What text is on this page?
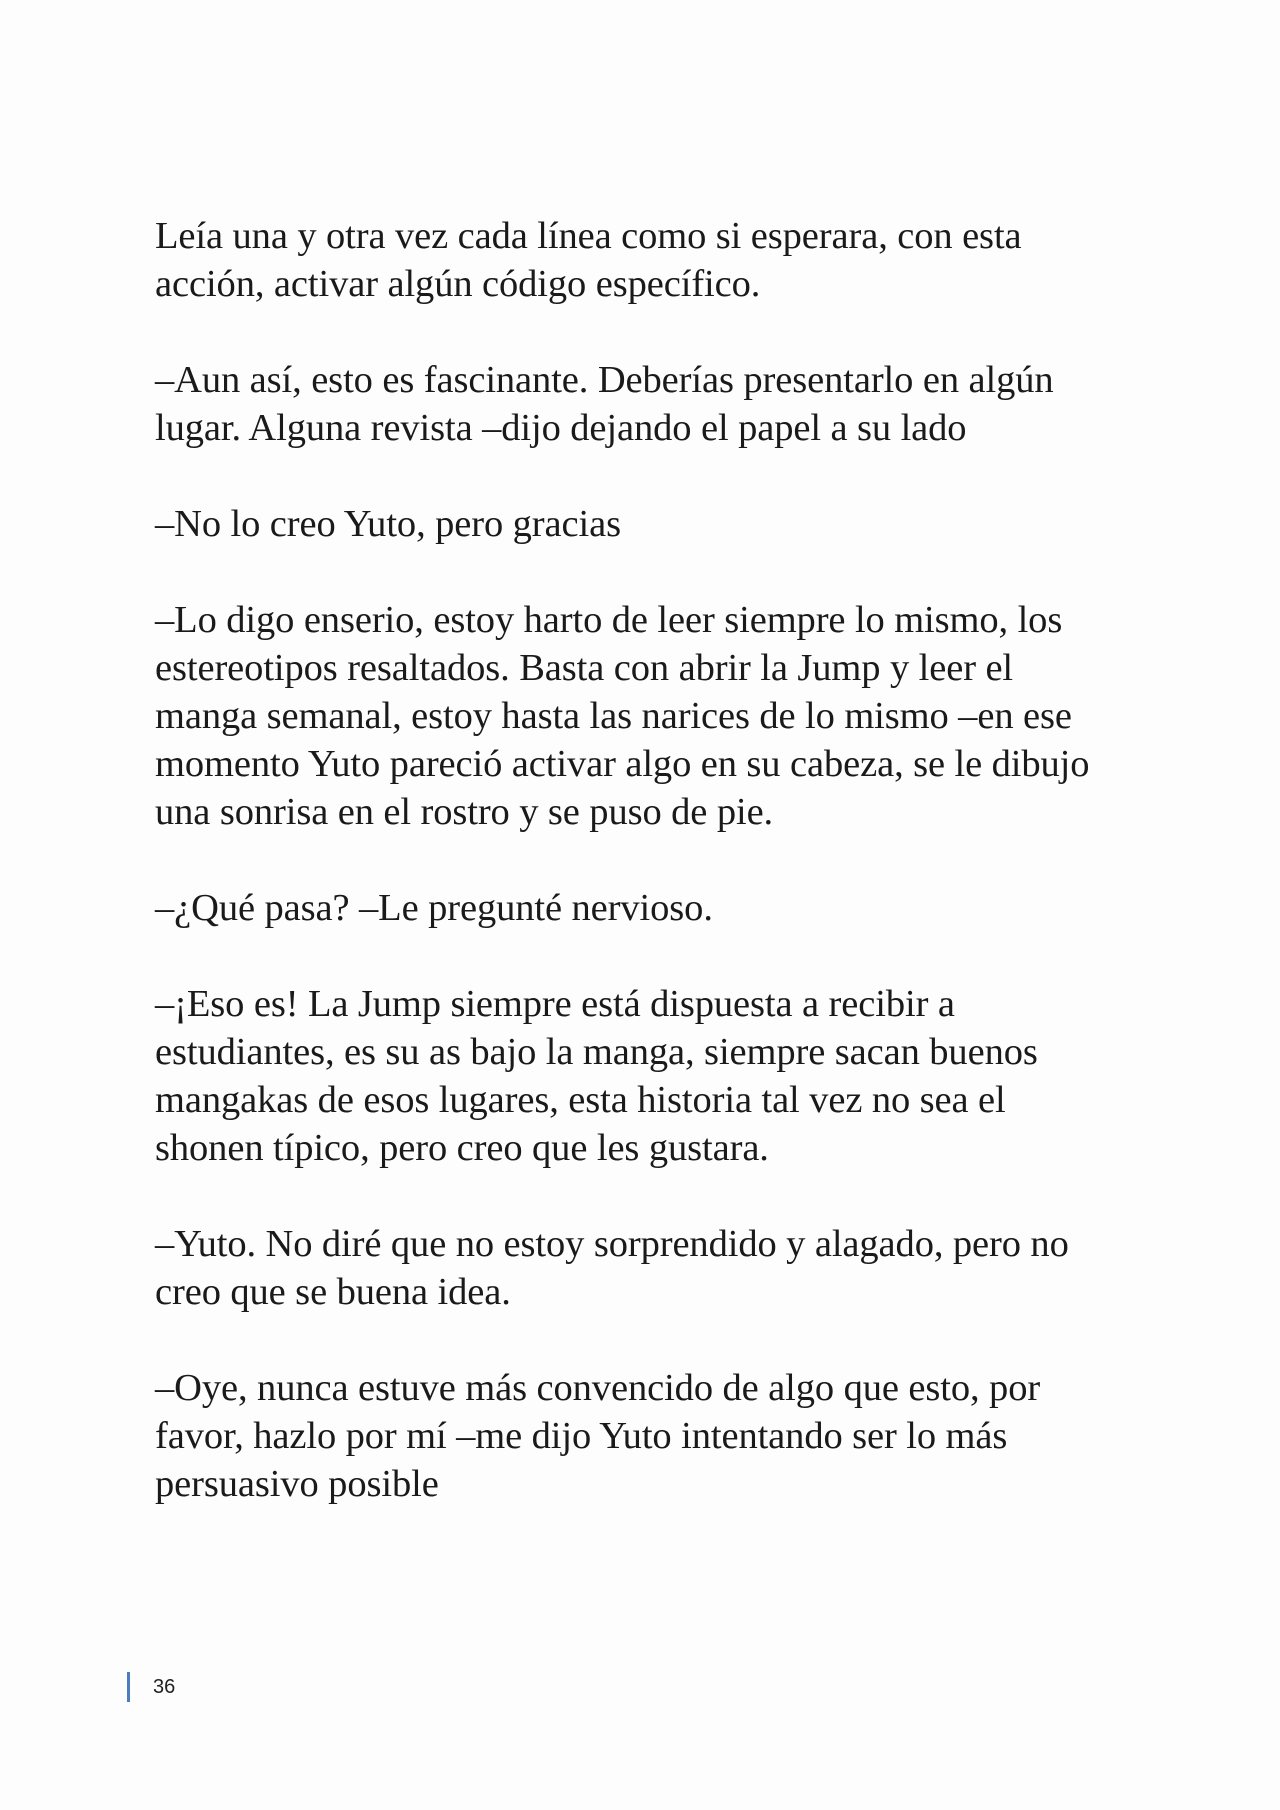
Leía una y otra vez cada línea como si esperara, con esta
acción, activar algún código específico.

–Aun así, esto es fascinante. Deberías presentarlo en algún
lugar. Alguna revista –dijo dejando el papel a su lado

–No lo creo Yuto, pero gracias

–Lo digo enserio, estoy harto de leer siempre lo mismo, los
estereotipos resaltados. Basta con abrir la Jump y leer el
manga semanal, estoy hasta las narices de lo mismo –en ese
momento Yuto pareció activar algo en su cabeza, se le dibujo
una sonrisa en el rostro y se puso de pie.

–¿Qué pasa? –Le pregunté nervioso.

–¡Eso es! La Jump siempre está dispuesta a recibir a
estudiantes, es su as bajo la manga, siempre sacan buenos
mangakas de esos lugares, esta historia tal vez no sea el
shonen típico, pero creo que les gustara.

–Yuto. No diré que no estoy sorprendido y alagado, pero no
creo que se buena idea.

–Oye, nunca estuve más convencido de algo que esto, por
favor, hazlo por mí –me dijo Yuto intentando ser lo más
persuasivo posible

36
